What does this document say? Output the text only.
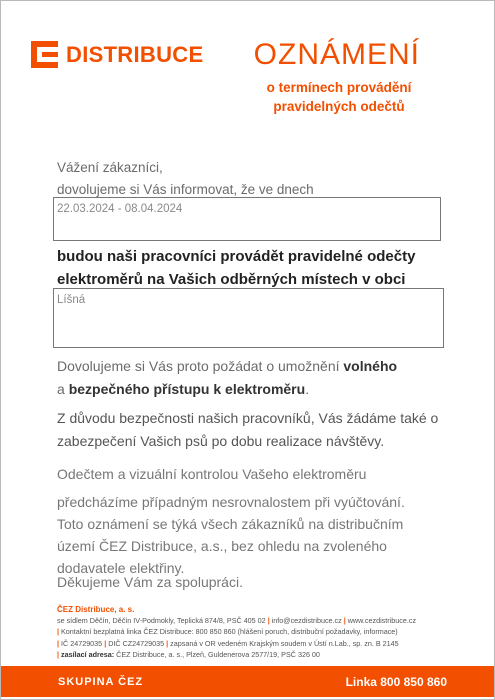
DISTRIBUCE	OZNÁMENÍ
o termínech provádění
pravidelných odečtů
Vážení zákazníci,
dovolujeme si Vás informovat, že ve dnech
22.03.2024 - 08.04.2024
budou naši pracovníci provádět pravidelné odečty
elektroměrů na Vašich odběrných místech v obci
Líšná
Dovolujeme si Vás proto požádat o umožnění volného
a bezpečného přístupu k elektroměru.
Z důvodu bezpečnosti našich pracovníků, Vás žádáme také o
zabezpečení Vašich psů po dobu realizace návštěvy.
Odečtem a vizuální kontrolou Vašeho elektroměru
předcházíme případným nesrovnalostem při vyúčtování.
Toto oznámení se týká všech zákazníků na distribučním
území ČEZ Distribuce, a.s., bez ohledu na zvoleného
dodavatele elektřiny.
Děkujeme Vám za spolupráci.
ČEZ Distribuce, a. s.
se sídlem Děčín, Děčín IV-Podmokly, Teplická 874/8, PSČ 405 02 | info@cezdistribuce.cz | www.cezdistribuce.cz
| Kontaktní bezplatná linka ČEZ Distribuce: 800 850 860 (hlášení poruch, distribuční požadavky, informace)
| IČ 24729035 | DIČ CZ24729035 | zapsaná v OR vedeném Krajským soudem v Ústí n.Lab., sp. zn. B 2145
| zasílací adresa: ČEZ Distribuce, a. s., Plzeň, Guldenerova 2577/19, PSČ 326 00
SKUPINA ČEZ	Linka 800 850 860
